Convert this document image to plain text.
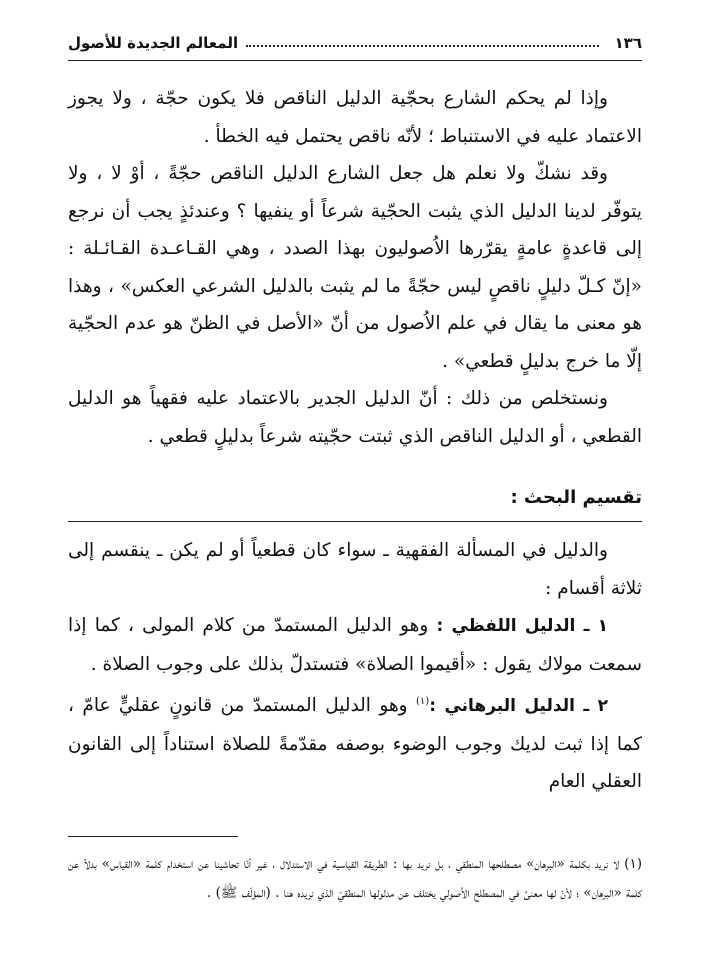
١٣٦
المعالم الجديدة للأصول

وإذا لم يحكم الشارع بحجّية الدليل الناقص فلا يكون حجّة ، ولا يجوز الاعتماد عليه في الاستنباط ؛ لأنّه ناقص يحتمل فيه الخطأ .

وقد نشكّ ولا نعلم هل جعل الشارع الدليل الناقص حجّةً ، أوْ لا ، ولا يتوفّر لدينا الدليل الذي يثبت الحجّية شرعاً أو ينفيها ؟ وعندئذٍ يجب أن نرجع إلى قاعدةٍ عامةٍ يقرّرها الاُصوليون بهذا الصدد ، وهي القـاعـدة القـائـلة : «إنّ كـلّ دليلٍ ناقصٍ ليس حجّةً ما لم يثبت بالدليل الشرعي العكس» ، وهذا هو معنى ما يقال في علم الاُصول من أنّ «الأصل في الظنّ هو عدم الحجّية إلّا ما خرج بدليلٍ قطعي» .

ونستخلص من ذلك : أنّ الدليل الجدير بالاعتماد عليه فقهياً هو الدليل القطعي ، أو الدليل الناقص الذي ثبتت حجّيته شرعاً بدليلٍ قطعي .

تقسيم البحث :

والدليل في المسألة الفقهية ـ سواء كان قطعياً أو لم يكن ـ ينقسم إلى ثلاثة أقسام :

١ ـ الدليل اللفظي : وهو الدليل المستمدّ من كلام المولى ، كما إذا سمعت مولاك يقول : «أقيموا الصلاة» فتستدلّ بذلك على وجوب الصلاة .

٢ ـ الدليل البرهاني :$^{(١)}$ وهو الدليل المستمدّ من قانونٍ عقليٍّ عامّ ، كما إذا ثبت لديك وجوب الوضوء بوصفه مقدّمةً للصلاة استناداً إلى القانون العقلي العام

(١) لا نريد بكلمة «البرهان» مصطلحها المنطقي ، بل نريد بها : الطريقة القياسية في الاستدلال ، غير أنّا تحاشينا عن استخدام كلمة «القياس» بدلاً عن كلمة «البرهان» ؛ لأنّ لها معنىً في المصطلح الاُصولي يختلف عن مدلولها المنطقيّ الذي نريده هنا . (المؤلّف ﷺ) .
